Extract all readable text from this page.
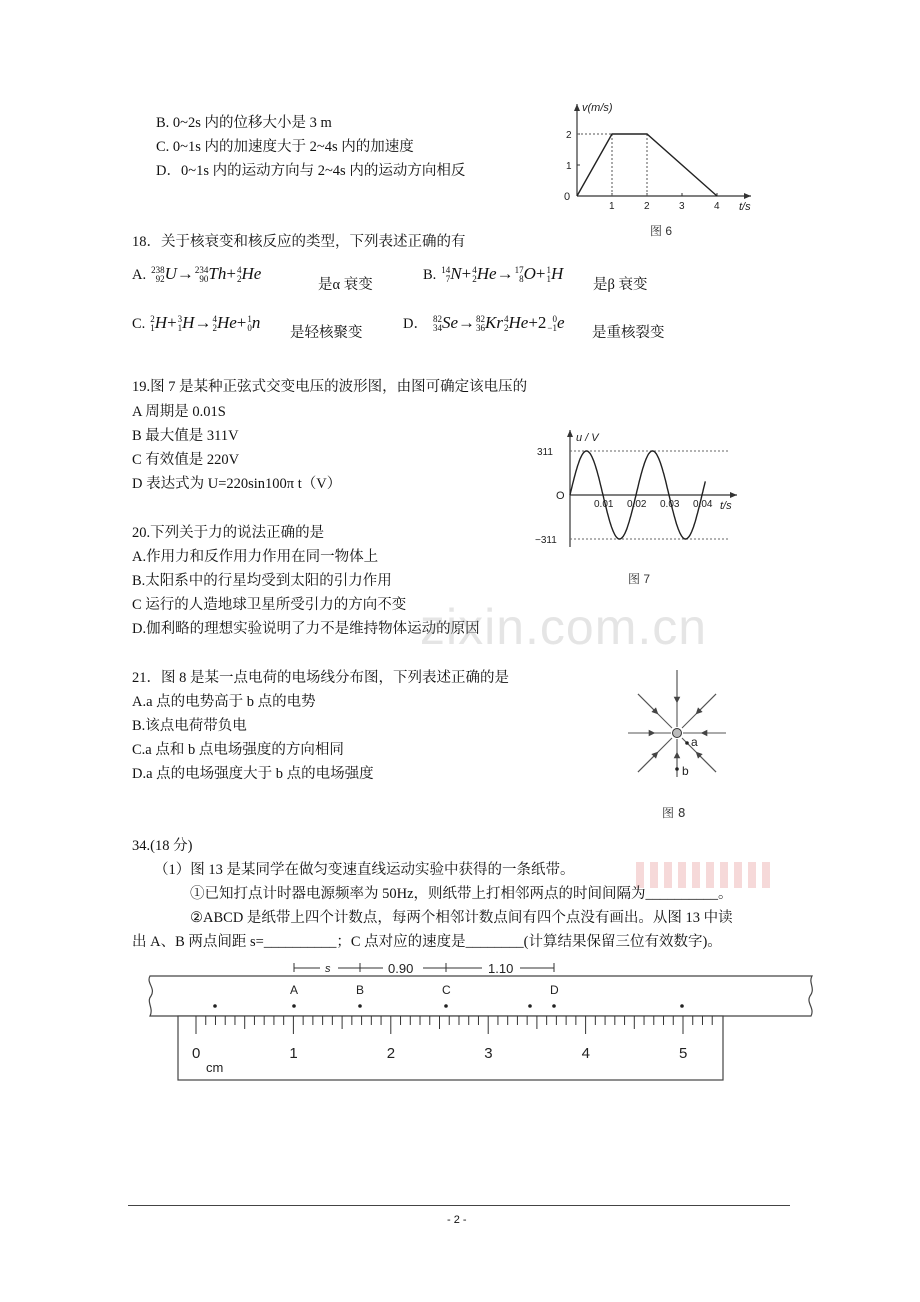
B. 0~2s 内的位移大小是 3 m
C. 0~1s 内的加速度大于 2~4s 内的加速度
D．0~1s 内的运动方向与 2~4s 内的运动方向相反
v(m/s)
t/s
0
1	2	3	4
1
2
图 6
18．关于核衰变和核反应的类型，下列表述正确的有
A. 238
92 U→ 234
90 Th+ 4
2 He
是α 衰变
B. 14
7 N+ 4
2 He→ 17
8 O+ 1
1 H
是β 衰变
C. 2
1 H+ 3
1 H→ 4
2 He+ 1
0 n
是轻核聚变
D． 82
34 Se→ 82
36 Kr 4
2 He+2 0
−1 e
是重核裂变
19.图 7 是某种正弦式交变电压的波形图，由图可确定该电压的
A 周期是 0.01S
B 最大值是 311V
C 有效值是 220V
D 表达式为 U=220sin100π t（V）
u / V
t/s
O
311
−311
0.01 0.02 0.03 0.04
图 7
20.下列关于力的说法正确的是
A.作用力和反作用力作用在同一物体上
B.太阳系中的行星均受到太阳的引力作用
C 运行的人造地球卫星所受引力的方向不变
D.伽利略的理想实验说明了力不是维持物体运动的原因
zixin.com.cn
21．图 8 是某一点电荷的电场线分布图，下列表述正确的是
A.a 点的电势高于 b 点的电势
B.该点电荷带负电
C.a 点和 b 点电场强度的方向相同
D.a 点的电场强度大于 b 点的电场强度
a
b
图 8
34.(18 分)
（1）图 13 是某同学在做匀变速直线运动实验中获得的一条纸带。
①已知打点计时器电源频率为 50Hz，则纸带上打相邻两点的时间间隔为__________。
②ABCD 是纸带上四个计数点，每两个相邻计数点间有四个点没有画出。从图 13 中读
出 A、B 两点间距 s=__________；C 点对应的速度是________(计算结果保留三位有效数字)。
0	1	2	3	4	5
cm
A	B	C	D
s	0.90	1.10
- 2 -
